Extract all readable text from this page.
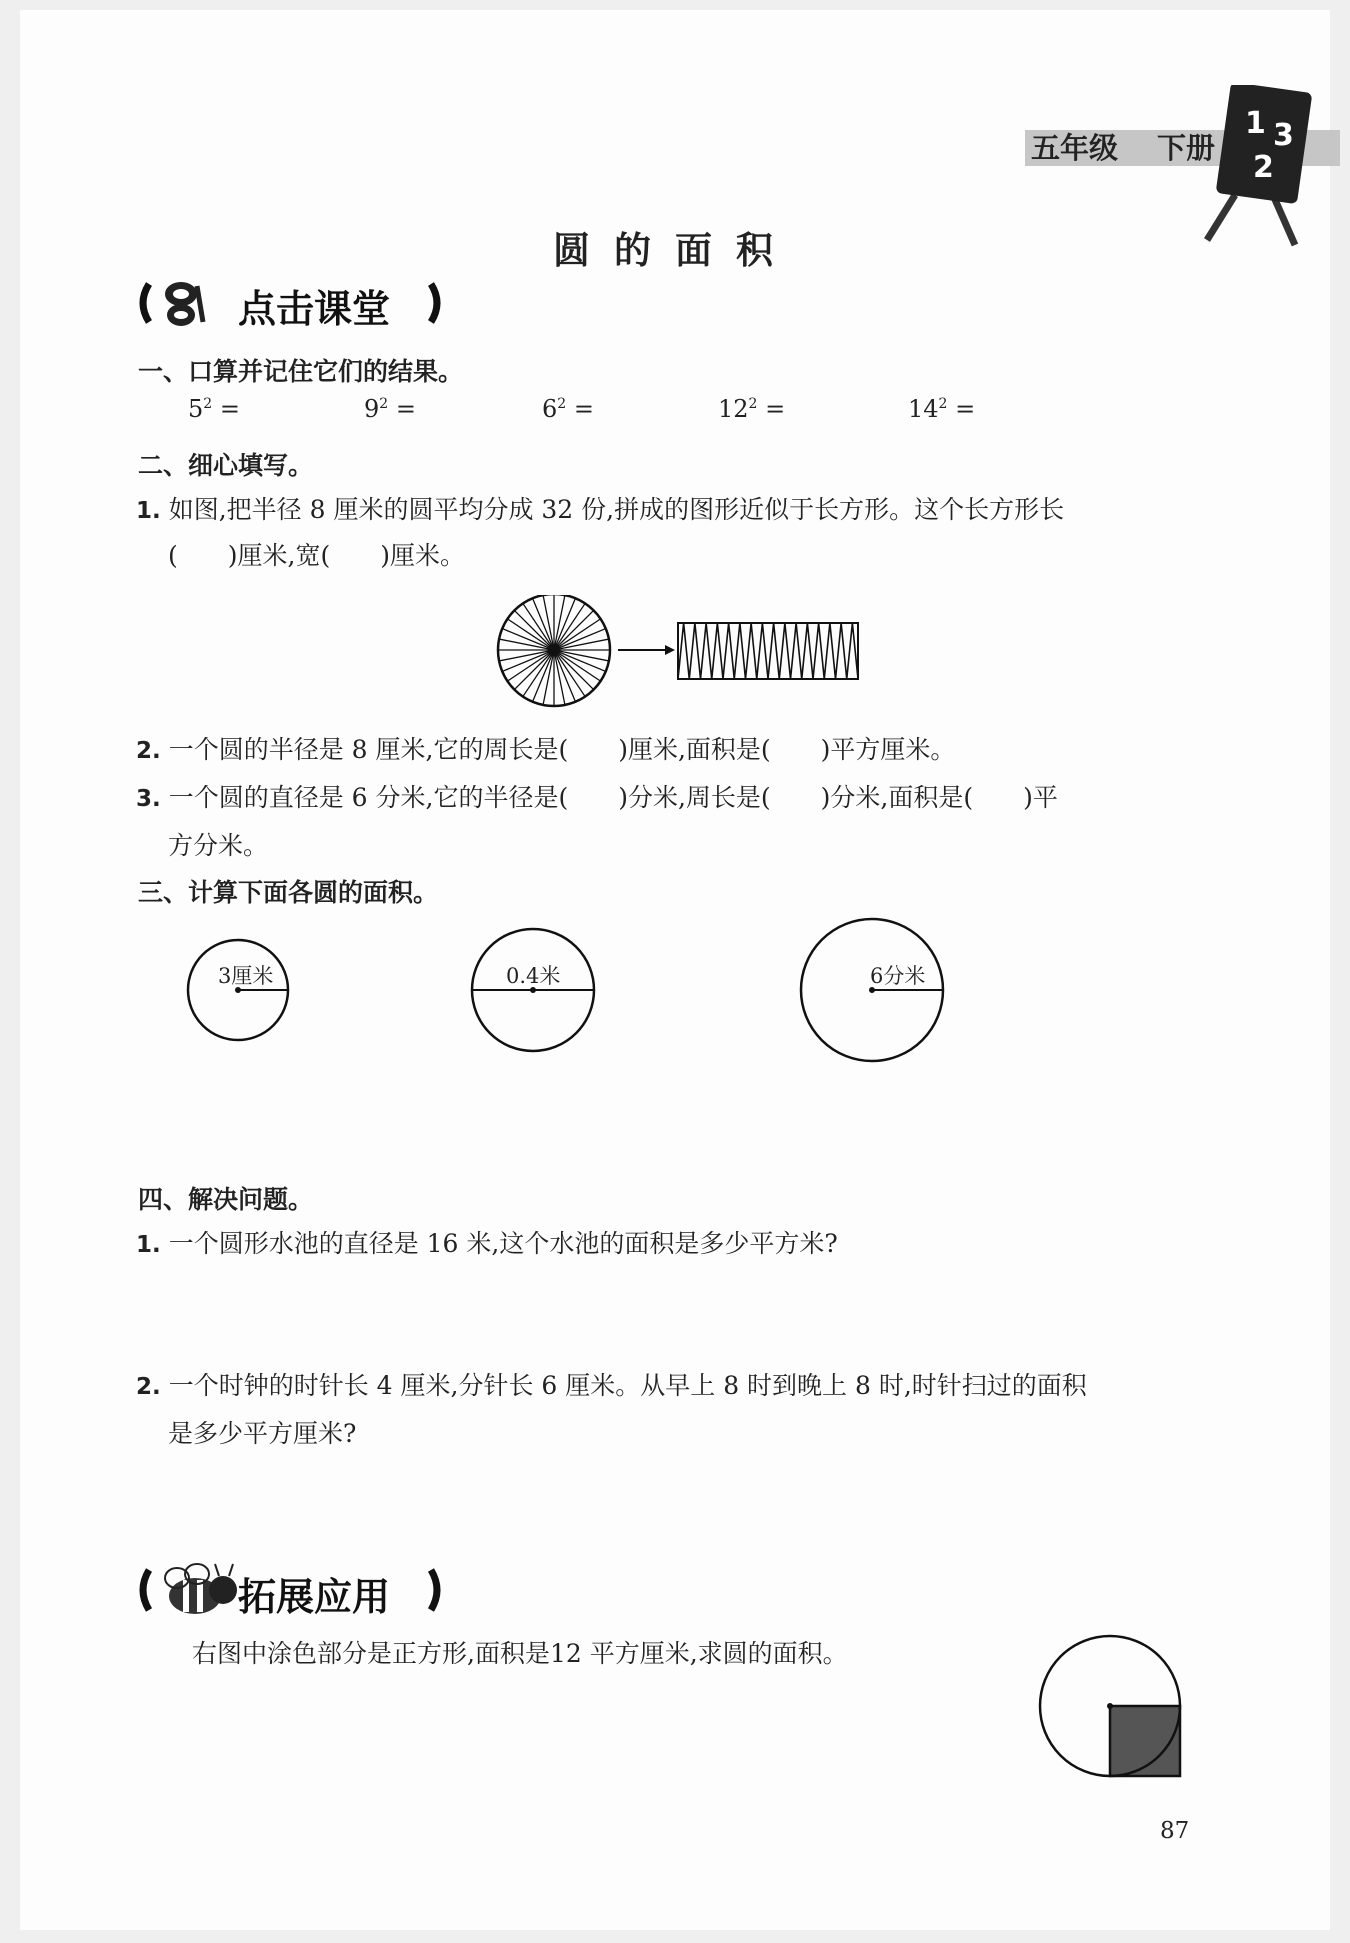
五年级 下册
1 3
2
圆的面积
点击课堂
一、口算并记住它们的结果。
$5^2$ =	$9^2$ =	$6^2$ =	$12^2$ =	$14^2$ =
二、细心填写。
1. 如图,把半径 8 厘米的圆平均分成 32 份,拼成的图形近似于长方形。这个长方形长
(　　)厘米,宽(　　)厘米。
2. 一个圆的半径是 8 厘米,它的周长是(　　)厘米,面积是(　　)平方厘米。
3. 一个圆的直径是 6 分米,它的半径是(　　)分米,周长是(　　)分米,面积是(　　)平
方分米。
三、计算下面各圆的面积。
3厘米	0.4米	6分米
四、解决问题。
1. 一个圆形水池的直径是 16 米,这个水池的面积是多少平方米?
2. 一个时钟的时针长 4 厘米,分针长 6 厘米。从早上 8 时到晚上 8 时,时针扫过的面积
是多少平方厘米?
拓展应用
右图中涂色部分是正方形,面积是12 平方厘米,求圆的面积。
87
